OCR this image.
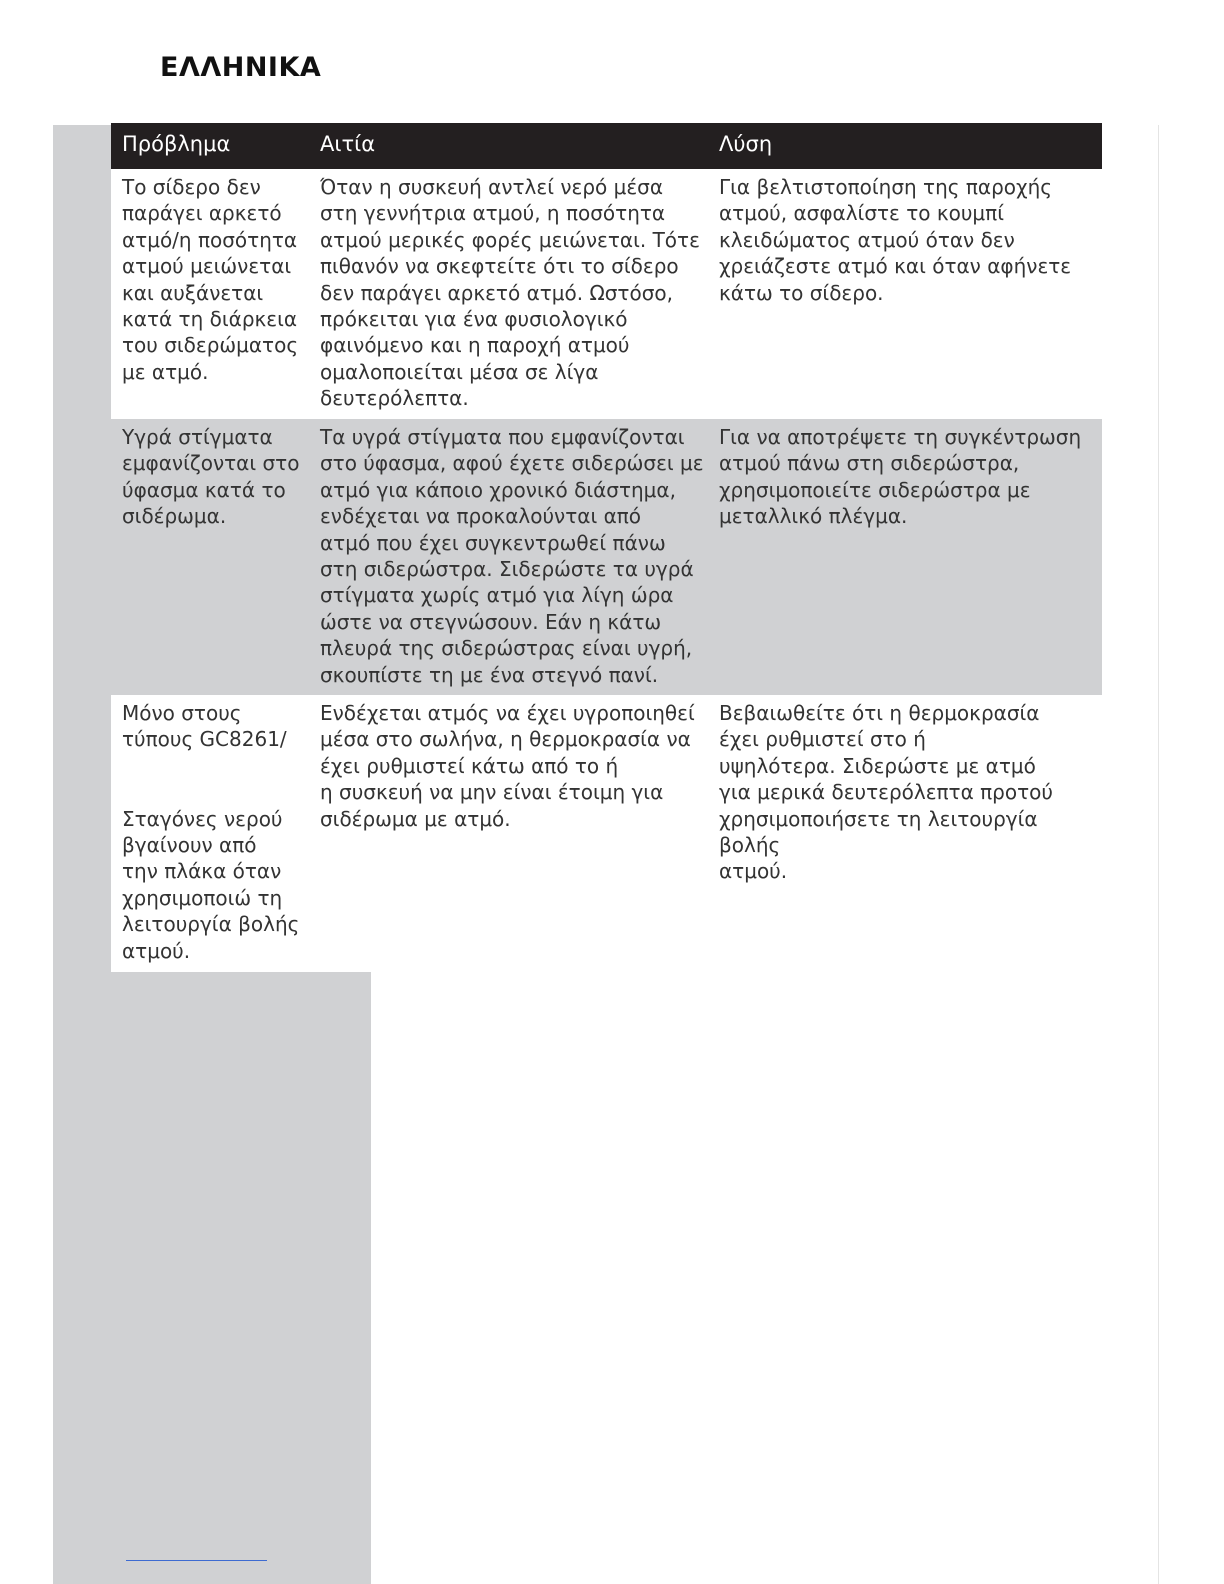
ΕΛΛΗΝΙΚΑ
Πρόβλημα	Αιτία	Λύση
Το σίδερο δεν
παράγει αρκετό
ατμό/η ποσότητα
ατμού μειώνεται
και αυξάνεται
κατά τη διάρκεια
του σιδερώματος
με ατμό.
Όταν η συσκευή αντλεί νερό μέσα
στη γεννήτρια ατμού, η ποσότητα
ατμού μερικές φορές μειώνεται. Τότε
πιθανόν να σκεφτείτε ότι το σίδερο
δεν παράγει αρκετό ατμό. Ωστόσο,
πρόκειται για ένα φυσιολογικό
φαινόμενο και η παροχή ατμού
ομαλοποιείται μέσα σε λίγα
δευτερόλεπτα.
Για βελτιστοποίηση της παροχής
ατμού, ασφαλίστε το κουμπί
κλειδώματος ατμού όταν δεν
χρειάζεστε ατμό και όταν αφήνετε
κάτω το σίδερο.
Υγρά στίγματα
εμφανίζονται στο
ύφασμα κατά το
σιδέρωμα.
Τα υγρά στίγματα που εμφανίζονται
στο ύφασμα, αφού έχετε σιδερώσει με
ατμό για κάποιο χρονικό διάστημα,
ενδέχεται να προκαλούνται από
ατμό που έχει συγκεντρωθεί πάνω
στη σιδερώστρα. Σιδερώστε τα υγρά
στίγματα χωρίς ατμό για λίγη ώρα
ώστε να στεγνώσουν. Εάν η κάτω
πλευρά της σιδερώστρας είναι υγρή,
σκουπίστε τη με ένα στεγνό πανί.
Για να αποτρέψετε τη συγκέντρωση
ατμού πάνω στη σιδερώστρα,
χρησιμοποιείτε σιδερώστρα με
μεταλλικό πλέγμα.
Μόνο στους
τύπους GC8261/

Σταγόνες νερού
βγαίνουν από
την πλάκα όταν
χρησιμοποιώ τη
λειτουργία βολής
ατμού.
Ενδέχεται ατμός να έχει υγροποιηθεί
μέσα στο σωλήνα, η θερμοκρασία να
έχει ρυθμιστεί κάτω από το ή
η συσκευή να μην είναι έτοιμη για
σιδέρωμα με ατμό.
Βεβαιωθείτε ότι η θερμοκρασία
έχει ρυθμιστεί στο ή
υψηλότερα. Σιδερώστε με ατμό
για μερικά δευτερόλεπτα προτού
χρησιμοποιήσετε τη λειτουργία βολής
ατμού.
